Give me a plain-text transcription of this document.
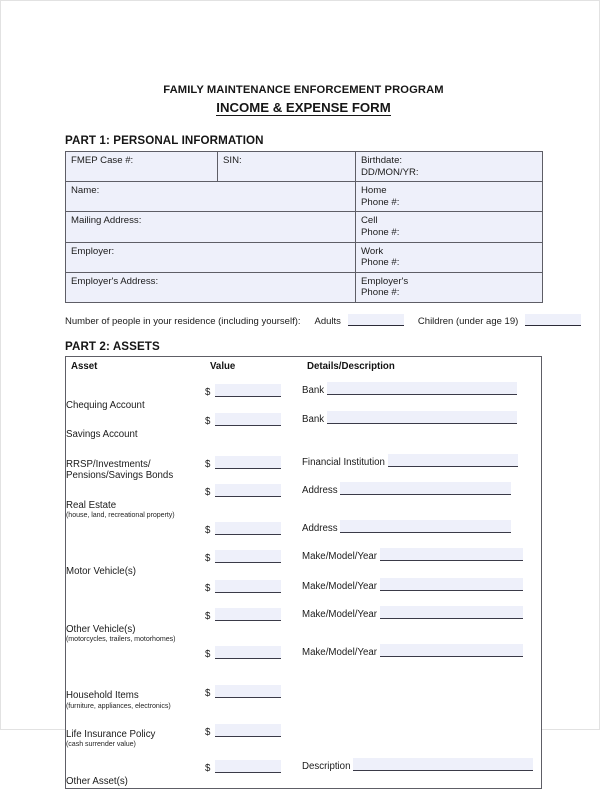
FAMILY MAINTENANCE ENFORCEMENT PROGRAM
INCOME & EXPENSE FORM
PART 1: PERSONAL INFORMATION
FMEP Case #:	SIN:	Birthdate:
DD/MON/YR:

Name:		Home
Phone #:

Mailing Address:		Cell
Phone #:

Employer:		Work
Phone #:

Employer's Address:		Employer's
Phone #:
Number of people in your residence (including yourself): Adults	Children (under age 19)
PART 2: ASSETS
Asset	Value	Details/Description

Chequing Account	$	Bank

Savings Account	$	Bank

RRSP/Investments/
Pensions/Savings Bonds	$	Financial Institution

Real Estate
(house, land, recreational property)	$	Address

	$	Address

Motor Vehicle(s)	$	Make/Model/Year

	$	Make/Model/Year

Other Vehicle(s)
(motorcycles, trailers, motorhomes)	$	Make/Model/Year

	$	Make/Model/Year

Household Items
(furniture, appliances, electronics)	$	

Life Insurance Policy
(cash surrender value)	$	

Other Asset(s)	$	Description
